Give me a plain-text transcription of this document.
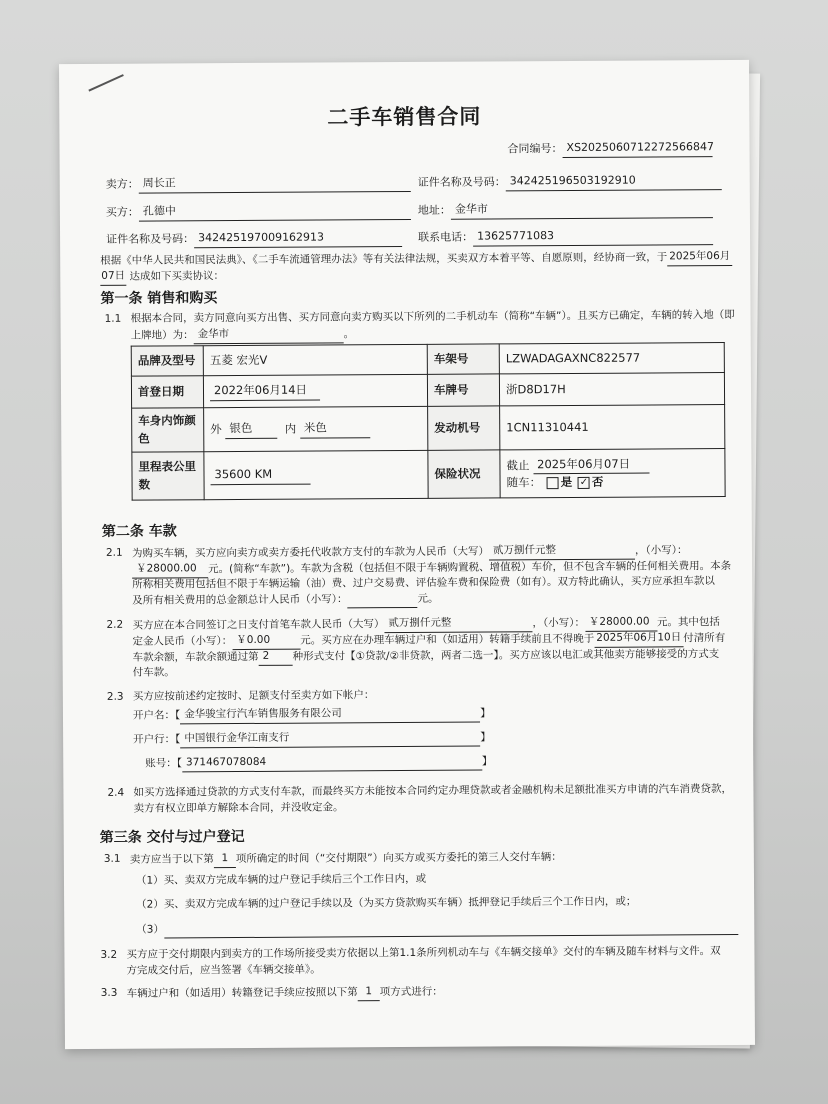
二手车销售合同
合同编号： XS2025060712272566847
卖方： 周长正	证件名称及号码： 342425196503192910
买方： 孔德中	地址： 金华市
证件名称及号码： 342425197009162913	联系电话： 13625771083
根据《中华人民共和国民法典》、《二手车流通管理办法》等有关法律法规，买卖双方本着平等、自愿原则，经协商一致，于 2025年06月
07日 达成如下买卖协议：
第一条 销售和购买
1.1 根据本合同，卖方同意向买方出售、买方同意向卖方购买以下所列的二手机动车（简称“车辆”）。且买方已确定，车辆的转入地（即
上牌地）为： 金华市	。
品牌及型号	五菱 宏光V	车架号	LZWADAGAXNC822577
首登日期	2022年06月14日	车牌号	浙D8D17H
车身内饰颜色	外 银色 内 米色	发动机号	1CN11310441
里程表公里数	35600 KM	保险状况	截止 2025年06月07日
随车： 是 ✓ 否
第二条 车款
2.1 为购买车辆，买方应向卖方或卖方委托代收款方支付的车款为人民币（大写） 贰万捌仟元整	，（小写）：
￥28000.00 元。(简称“车款”)。车款为含税（包括但不限于车辆购置税、增值税）车价，但不包含车辆的任何相关费用。本条
所称相关费用包括但不限于车辆运输（油）费、过户交易费、评估验车费和保险费（如有）。双方特此确认，买方应承担车款以
及所有相关费用的总金额总计人民币（小写）：	元。
2.2 买方应在本合同签订之日支付首笔车款人民币（大写） 贰万捌仟元整	，（小写）： ￥28000.00 元。其中包括
定金人民币（小写）： ￥0.00	元。买方应在办理车辆过户和（如适用）转籍手续前且不得晚于 2025年06月10日 付清所有
车款余额，车款余额通过第 2 种形式支付【①贷款/②非贷款，两者二选一】。买方应该以电汇或其他卖方能够接受的方式支
付车款。
2.3 买方应按前述约定按时、足额支付至卖方如下帐户：
开户名：【 金华骏宝行汽车销售服务有限公司	】
开户行：【 中国银行金华江南支行	】
账号：【 371467078084	】
2.4 如买方选择通过贷款的方式支付车款，而最终买方未能按本合同约定办理贷款或者金融机构未足额批准买方申请的汽车消费贷款，
卖方有权立即单方解除本合同，并没收定金。
第三条 交付与过户登记
3.1 卖方应当于以下第 1 项所确定的时间（“交付期限”）向买方或买方委托的第三人交付车辆：
（1）买、卖双方完成车辆的过户登记手续后三个工作日内，或
（2）买、卖双方完成车辆的过户登记手续以及（为买方贷款购买车辆）抵押登记手续后三个工作日内，或；
（3）
3.2 买方应于交付期限内到卖方的工作场所接受卖方依据以上第1.1条所列机动车与《车辆交接单》交付的车辆及随车材料与文件。双
方完成交付后，应当签署《车辆交接单》。
3.3 车辆过户和（如适用）转籍登记手续应按照以下第 1 项方式进行：
